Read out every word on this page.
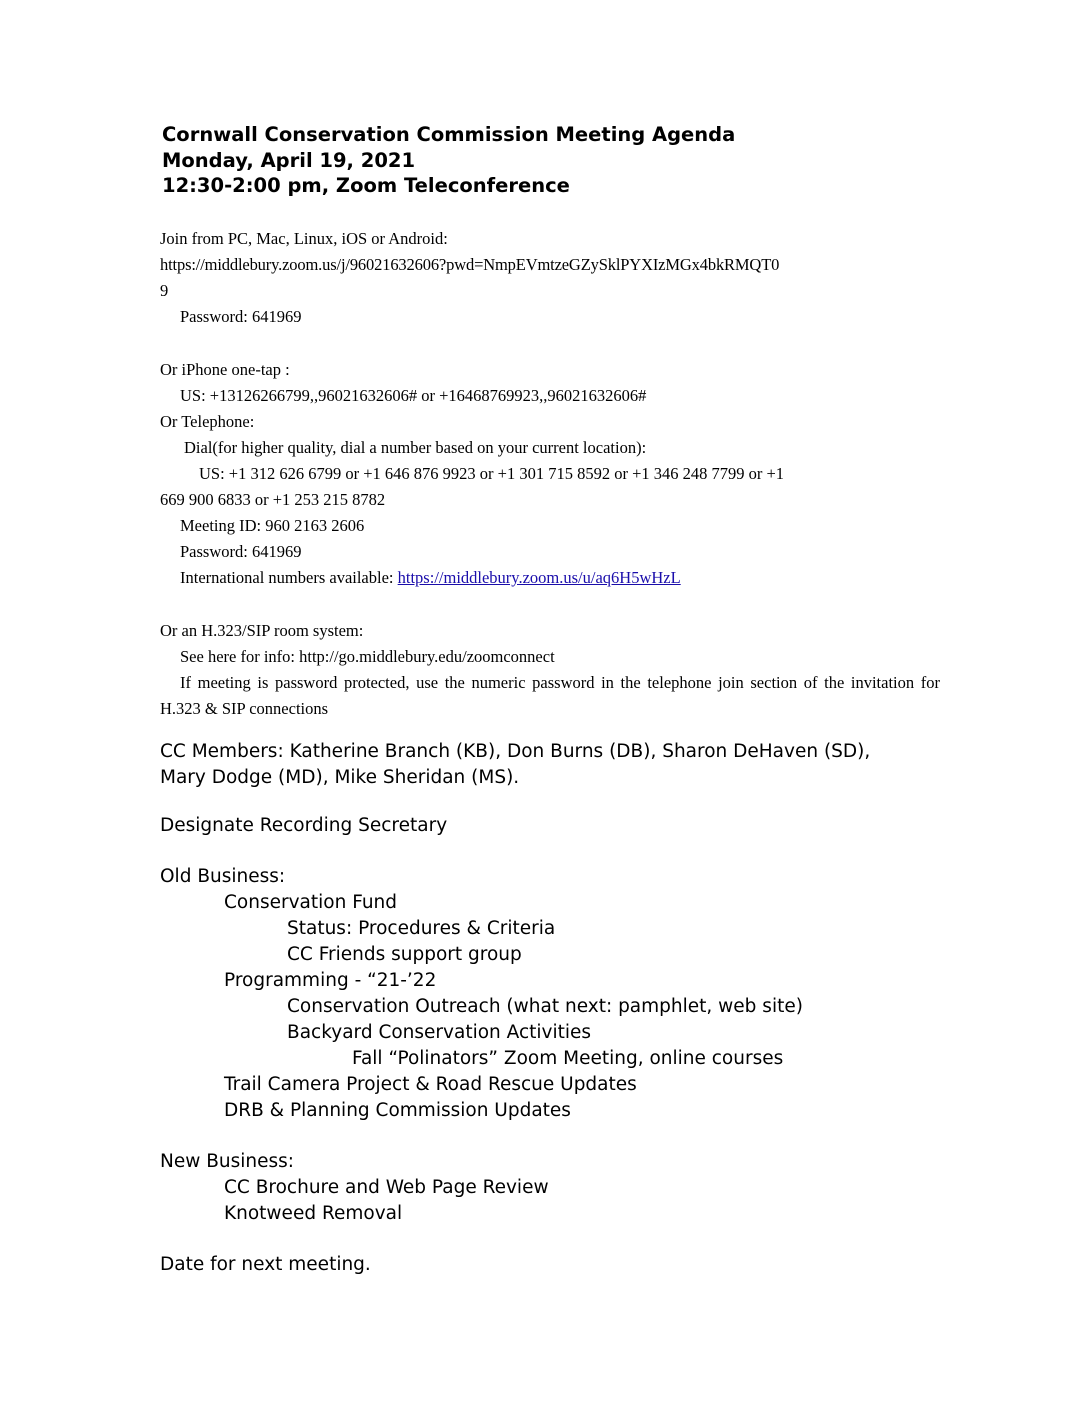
Cornwall Conservation Commission Meeting Agenda
Monday, April 19, 2021
12:30-2:00 pm, Zoom Teleconference
Join from PC, Mac, Linux, iOS or Android:
https://middlebury.zoom.us/j/96021632606?pwd=NmpEVmtzeGZySklPYXIzMGx4bkRMQT0
9
Password: 641969
Or iPhone one-tap :
US: +13126266799,,96021632606# or +16468769923,,96021632606#
Or Telephone:
Dial(for higher quality, dial a number based on your current location):
US: +1 312 626 6799 or +1 646 876 9923 or +1 301 715 8592 or +1 346 248 7799 or +1
669 900 6833 or +1 253 215 8782
Meeting ID: 960 2163 2606
Password: 641969
International numbers available: https://middlebury.zoom.us/u/aq6H5wHzL
Or an H.323/SIP room system:
See here for info: http://go.middlebury.edu/zoomconnect
If meeting is password protected, use the numeric password in the telephone join section of the invitation for H.323 & SIP connections
CC Members: Katherine Branch (KB), Don Burns (DB), Sharon DeHaven (SD),
Mary Dodge (MD), Mike Sheridan (MS).
Designate Recording Secretary
Old Business:
Conservation Fund
Status: Procedures & Criteria
CC Friends support group
Programming - “21-’22
Conservation Outreach (what next: pamphlet, web site)
Backyard Conservation Activities
Fall “Polinators” Zoom Meeting, online courses
Trail Camera Project & Road Rescue Updates
DRB & Planning Commission Updates
New Business:
CC Brochure and Web Page Review
Knotweed Removal
Date for next meeting.
